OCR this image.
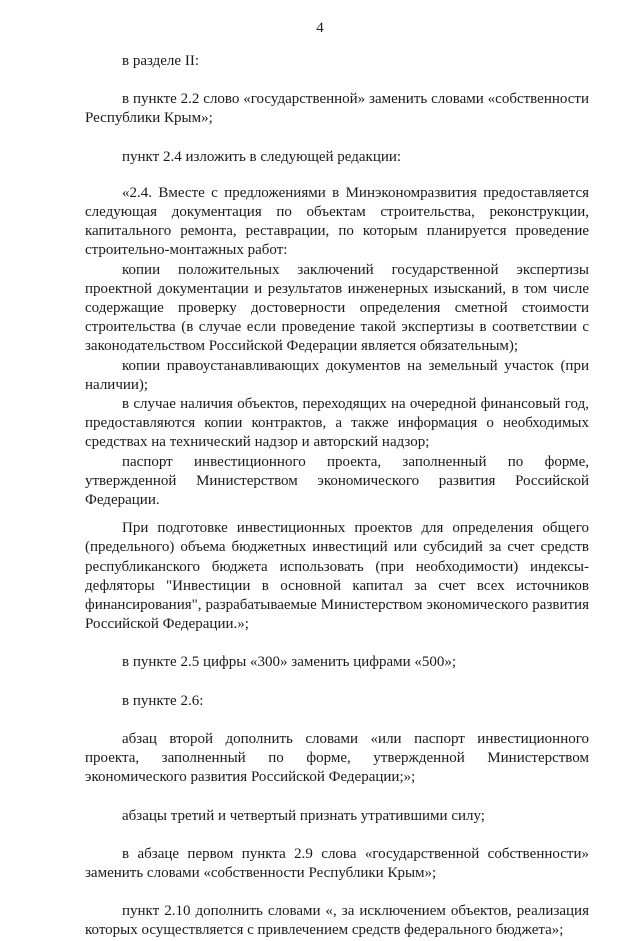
4

в разделе II:

в пункте 2.2 слово «государственной» заменить словами «собственности Республики Крым»;

пункт 2.4 изложить в следующей редакции:

«2.4. Вместе с предложениями в Минэкономразвития предоставляется следующая документация по объектам строительства, реконструкции, капитального ремонта, реставрации, по которым планируется проведение строительно-монтажных работ:

копии положительных заключений государственной экспертизы проектной документации и результатов инженерных изысканий, в том числе содержащие проверку достоверности определения сметной стоимости строительства (в случае если проведение такой экспертизы в соответствии с законодательством Российской Федерации является обязательным);

копии правоустанавливающих документов на земельный участок (при наличии);

в случае наличия объектов, переходящих на очередной финансовый год, предоставляются копии контрактов, а также информация о необходимых средствах на технический надзор и авторский надзор;

паспорт инвестиционного проекта, заполненный по форме, утвержденной Министерством экономического развития Российской Федерации.

При подготовке инвестиционных проектов для определения общего (предельного) объема бюджетных инвестиций или субсидий за счет средств республиканского бюджета использовать (при необходимости) индексы-дефляторы "Инвестиции в основной капитал за счет всех источников финансирования", разрабатываемые Министерством экономического развития Российской Федерации.»;

в пункте 2.5 цифры «300» заменить цифрами «500»;

в пункте 2.6:

абзац второй дополнить словами «или паспорт инвестиционного проекта, заполненный по форме, утвержденной Министерством экономического развития Российской Федерации;»;

абзацы третий и четвертый признать утратившими силу;

в абзаце первом пункта 2.9 слова «государственной собственности» заменить словами «собственности Республики Крым»;

пункт 2.10 дополнить словами «, за исключением объектов, реализация которых осуществляется с привлечением средств федерального бюджета»;
